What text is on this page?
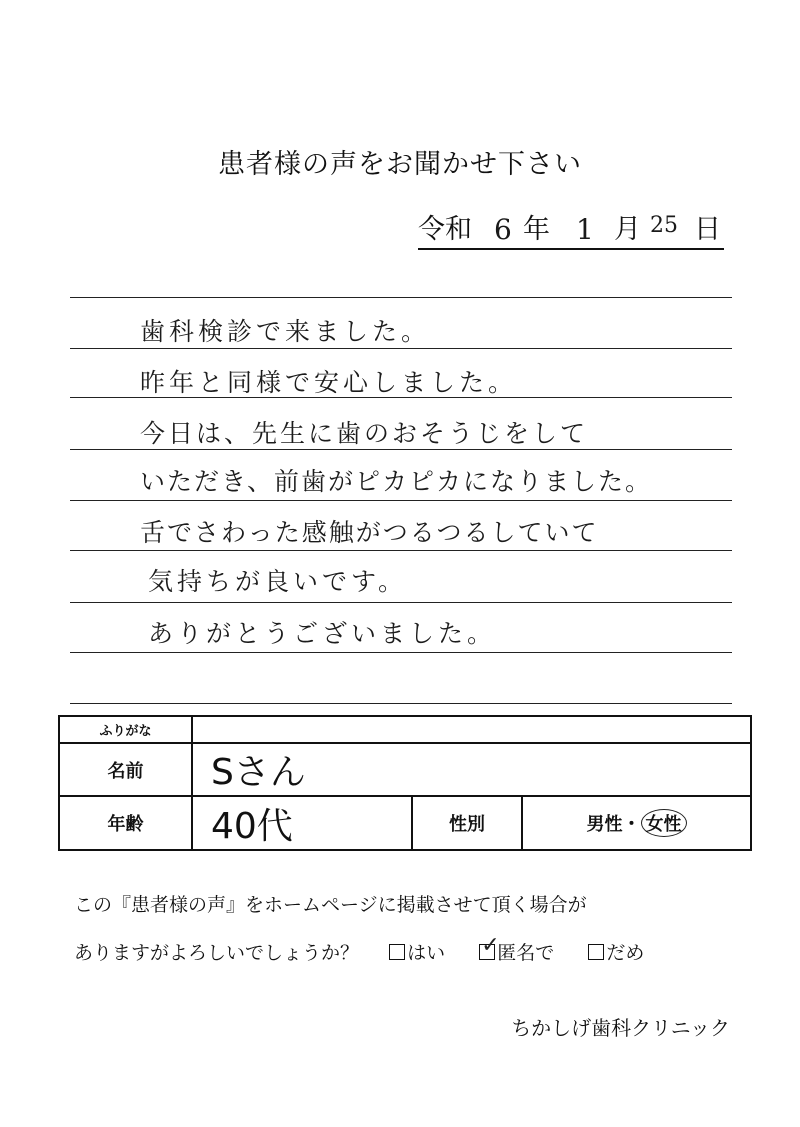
患者様の声をお聞かせ下さい
令和 6 年 1 月 25 日
歯科検診で来ました。
昨年と同様で安心しました。
今日は、先生に歯のおそうじをして
いただき、前歯がピカピカになりました。
舌でさわった感触がつるつるしていて
気持ちが良いです。
ありがとうございました。
ふりがな			
名前	Sさん		
年齢	40代	性別	男性・ 女性
この『患者様の声』をホームページに掲載させて頂く場合が
ありますがよろしいでしょうか？	はい ✓
匿名で	だめ
ちかしげ歯科クリニック
